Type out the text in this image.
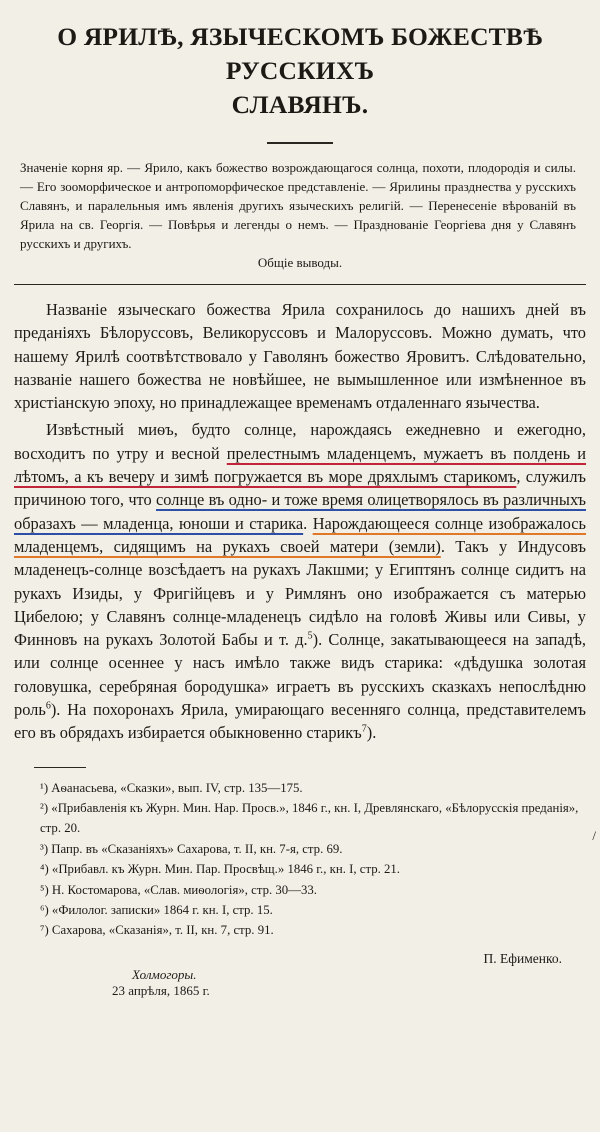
О ЯРИЛѢ, ЯЗЫЧЕСКОМЪ БОЖЕСТВѢ РУССКИХЪ
СЛАВЯНЪ.

Значеніе корня яр. — Ярило, какъ божество возрождающагося солнца, похоти, плодородія и силы. — Его зооморфическое и антропоморфическое представленіе. — Ярилины празднества у русскихъ Славянъ, и паралельныя имъ явленія другихъ языческихъ религій. — Перенесеніе вѣрованій въ Ярила на св. Георгія. — Повѣрья и легенды о немъ. — Празднованіе Георгіева дня у Славянъ русскихъ и другихъ.

Общіе выводы.

Названіе языческаго божества Ярила сохранилось до нашихъ дней въ преданіяхъ Бѣлоруссовъ, Великоруссовъ и Малоруссовъ. Можно думать, что нашему Ярилѣ соотвѣтствовало у Гаволянъ божество Яровитъ. Слѣдовательно, названіе нашего божества не новѣйшее, не вымышленное или измѣненное въ христіанскую эпоху, но принадлежащее временамъ отдаленнаго язычества.

Извѣстный миѳъ, будто солнце, нарождаясь ежедневно и ежегодно, восходитъ по утру и весной прелестнымъ младенцемъ, мужаетъ въ полдень и лѣтомъ, а къ вечеру и зимѣ погружается въ море дряхлымъ старикомъ, служилъ причиною того, что солнце въ одно- и тоже время олицетворялось въ различныхъ образахъ — младенца, юноши и старика. Нарождающееся солнце изображалось младенцемъ, сидящимъ на рукахъ своей матери (земли). Такъ у Индусовъ младенецъ-солнце возсѣдаетъ на рукахъ Лакшми; у Египтянъ солнце сидитъ на рукахъ Изиды, у Фригійцевъ и у Римлянъ оно изображается съ матерью Цибелою; у Славянъ солнце-младенецъ сидѣло на головѣ Живы или Сивы, у Финновъ на рукахъ Золотой Бабы и т. д.$^5$). Солнце, закатывающееся на западѣ, или солнце осеннее у насъ имѣло также видъ старика: «дѣдушка золотая головушка, серебряная бородушка» играетъ въ русскихъ сказкахъ непослѣдню роль$^6$). На похоронахъ Ярила, умирающаго весенняго солнца, представителемъ его въ обрядахъ избирается обыкновенно старикъ$^7$).

¹) Аѳанасьева, «Сказки», вып. IV, стр. 135—175.
²) «Прибавленія къ Журн. Мин. Нар. Просв.», 1846 г., кн. I, Древлянскаго, «Бѣлорусскія преданія», стр. 20.
³) Папр. въ «Сказаніяхъ» Сахарова, т. II, кн. 7-я, стр. 69.
⁴) «Прибавл. къ Журн. Мин. Пар. Просвѣщ.» 1846 г., кн. I, стр. 21.
⁵) Н. Костомарова, «Слав. миѳологія», стр. 30—33.
⁶) «Филолог. записки» 1864 г. кн. I, стр. 15.
⁷) Сахарова, «Сказанія», т. II, кн. 7, стр. 91.
П. Ефименко.
Холмогоры.
23 апрѣля, 1865 г.
/
